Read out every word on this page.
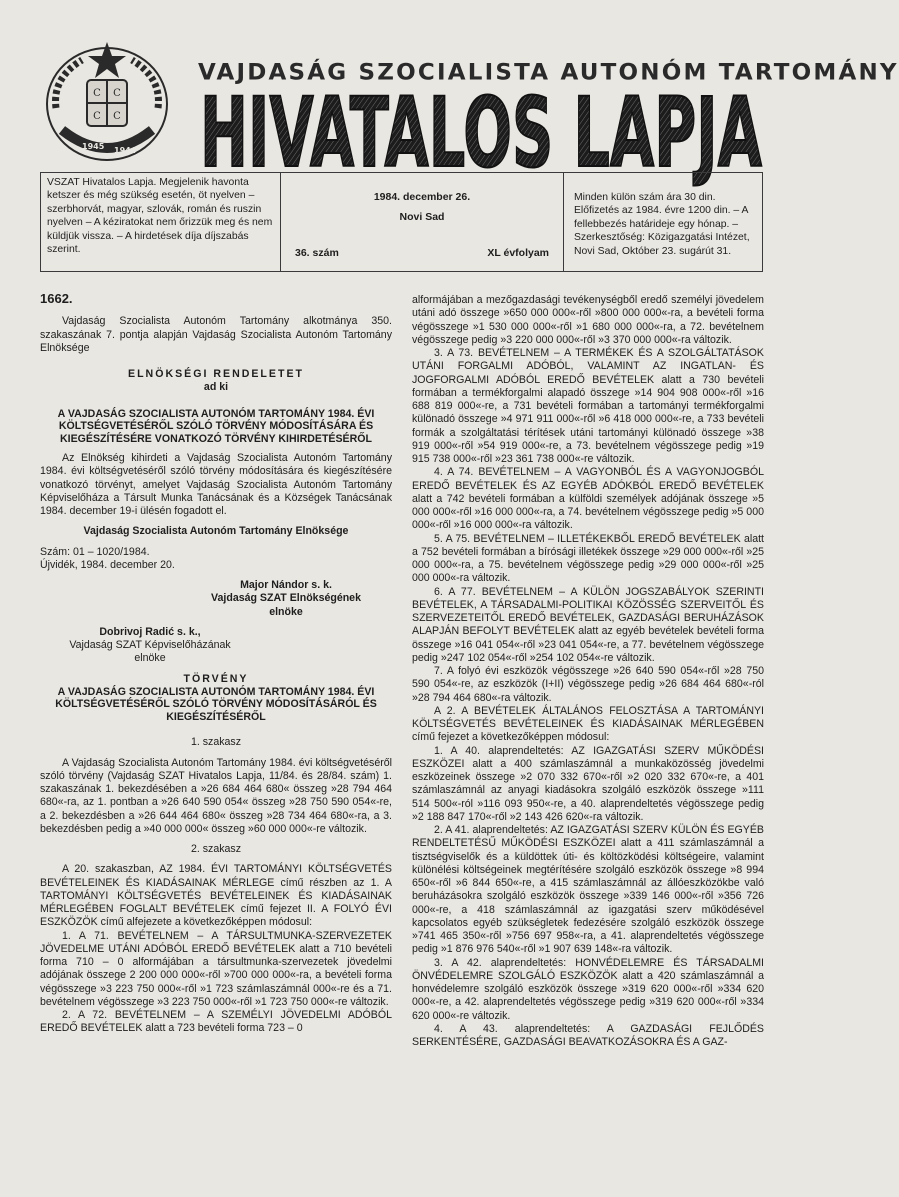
C C
C C
1945 1944
VAJDASÁG SZOCIALISTA AUTONÓM TARTOMÁNY
HIVATALOS LAPJA
VSZAT Hivatalos Lapja. Megjelenik havonta ketszer és még szükség esetén, öt nyelven – szerbhorvát, magyar, szlovák, román és ruszin nyelven – A kéziratokat nem őrizzük meg és nem küldjük vissza. – A hirdetések díja díjszabás szerint.
1984. december 26.
Novi Sad
36. szám	XL évfolyam
Minden külön szám ára 30 din. Előfizetés az 1984. évre 1200 din. – A fellebbezés határideje egy hónap. – Szerkesztőség: Közigazgatási Intézet, Novi Sad, Október 23. sugárút 31.

1662.

Vajdaság Szocialista Autonóm Tartomány alkotmánya 350. szakaszának 7. pontja alapján Vajdaság Szocialista Autonóm Tartomány Elnöksége

ELNÖKSÉGI RENDELETET

ad ki

A VAJDASÁG SZOCIALISTA AUTONÓM TARTOMÁNY 1984. ÉVI KÖLTSÉGVETÉSÉRŐL SZÓLÓ TÖRVÉNY MÓDOSÍTÁSÁRA ÉS KIEGÉSZÍTÉSÉRE VONATKOZÓ TÖRVÉNY KIHIRDETÉSÉRŐL

Az Elnökség kihirdeti a Vajdaság Szocialista Autonóm Tartomány 1984. évi költségvetéséről szóló törvény módosítására és kiegészítésére vonatkozó törvényt, amelyet Vajdaság Szocialista Autonóm Tartomány Képviselőháza a Társult Munka Tanácsának és a Községek Tanácsának 1984. december 19-i ülésén fogadott el.

Vajdaság Szocialista Autonóm Tartomány Elnöksége

Szám: 01 – 1020/1984.

Újvidék, 1984. december 20.

Major Nándor s. k.

Vajdaság SZAT Elnökségének

elnöke

Dobrivoj Radić s. k.,

Vajdaság SZAT Képviselőházának

elnöke

TÖRVÉNY

A VAJDASÁG SZOCIALISTA AUTONÓM TARTOMÁNY 1984. ÉVI KÖLTSÉGVETÉSÉRŐL SZÓLÓ TÖRVÉNY MÓDOSÍTÁSÁRÓL ÉS KIEGÉSZÍTÉSÉRŐL

1. szakasz

A Vajdaság Szocialista Autonóm Tartomány 1984. évi költségvetéséről szóló törvény (Vajdaság SZAT Hivatalos Lapja, 11/84. és 28/84. szám) 1. szakaszának 1. bekezdésében a »26 684 464 680« összeg »28 794 464 680«-ra, az 1. pontban a »26 640 590 054« összeg »28 750 590 054«-re, a 2. bekezdésben a »26 644 464 680« összeg »28 734 464 680«-ra, a 3. bekezdésben pedig a »40 000 000« összeg »60 000 000«-re változik.

2. szakasz

A 20. szakaszban, AZ 1984. ÉVI TARTOMÁNYI KÖLTSÉGVETÉS BEVÉTELEINEK ÉS KIADÁSAINAK MÉRLEGE című részben az 1. A TARTOMÁNYI KÖLTSÉGVETÉS BEVÉTELEINEK ÉS KIADÁSAINAK MÉRLEGÉBEN FOGLALT BEVÉTELEK című fejezet II. A FOLYÓ ÉVI ESZKÖZÖK című alfejezete a következőképpen módosul:

1. A 71. BEVÉTELNEM – A TÁRSULTMUNKA-SZERVEZETEK JÖVEDELME UTÁNI ADÓBÓL EREDŐ BEVÉTELEK alatt a 710 bevételi forma 710 – 0 alformájában a társultmunka-szervezetek jövedelmi adójának összege 2 200 000 000«-ről »700 000 000«-ra, a bevételi forma végösszege »3 223 750 000«-ről »1 723 számlaszámnál 000«-re és a 71. bevételnem végösszege »3 223 750 000«-ről »1 723 750 000«-re változik.

2. A 72. BEVÉTELNEM – A SZEMÉLYI JÖVEDELMI ADÓBÓL EREDŐ BEVÉTELEK alatt a 723 bevételi forma 723 – 0

alformájában a mezőgazdasági tevékenységből eredő személyi jövedelem utáni adó összege »650 000 000«-ről »800 000 000«-ra, a bevételi forma végösszege »1 530 000 000«-ről »1 680 000 000«-ra, a 72. bevételnem végösszege pedig »3 220 000 000«-ről »3 370 000 000«-ra változik.

3. A 73. BEVÉTELNEM – A TERMÉKEK ÉS A SZOLGÁLTATÁSOK UTÁNI FORGALMI ADÓBÓL, VALAMINT AZ INGATLAN- ÉS JOGFORGALMI ADÓBÓL EREDŐ BEVÉTELEK alatt a 730 bevételi formában a termékforgalmi alapadó összege »14 904 908 000«-ről »16 688 819 000«-re, a 731 bevételi formában a tartományi termékforgalmi különadó összege »4 971 911 000«-ről »6 418 000 000«-re, a 733 bevételi formák a szolgáltatási térítések utáni tartományi különadó összege »38 919 000«-ről »54 919 000«-re, a 73. bevételnem végösszege pedig »19 915 738 000«-ről »23 361 738 000«-re változik.

4. A 74. BEVÉTELNEM – A VAGYONBÓL ÉS A VAGYONJOGBÓL EREDŐ BEVÉTELEK ÉS AZ EGYÉB ADÓKBÓL EREDŐ BEVÉTELEK alatt a 742 bevételi formában a külföldi személyek adójának összege »5 000 000«-ről »16 000 000«-ra, a 74. bevételnem végösszege pedig »5 000 000«-ről »16 000 000«-ra változik.

5. A 75. BEVÉTELNEM – ILLETÉKEKBŐL EREDŐ BEVÉTELEK alatt a 752 bevételi formában a bírósági illetékek összege »29 000 000«-ről »25 000 000«-ra, a 75. bevételnem végösszege pedig »29 000 000«-ről »25 000 000«-ra változik.

6. A 77. BEVÉTELNEM – A KÜLÖN JOGSZABÁLYOK SZERINTI BEVÉTELEK, A TÁRSADALMI-POLITIKAI KÖZÖSSÉG SZERVEITŐL ÉS SZERVEZETEITŐL EREDŐ BEVÉTELEK, GAZDASÁGI BERUHÁZÁSOK ALAPJÁN BEFOLYT BEVÉTELEK alatt az egyéb bevételek bevételi forma összege »16 041 054«-ről »23 041 054«-re, a 77. bevételnem végösszege pedig »247 102 054«-ről »254 102 054«-re változik.

7. A folyó évi eszközök végösszege »26 640 590 054«-ről »28 750 590 054«-re, az eszközök (I+II) végösszege pedig »26 684 464 680«-ról »28 794 464 680«-ra változik.

A 2. A BEVÉTELEK ÁLTALÁNOS FELOSZTÁSA A TARTOMÁNYI KÖLTSÉGVETÉS BEVÉTELEINEK ÉS KIADÁSAINAK MÉRLEGÉBEN című fejezet a következőképpen módosul:

1. A 40. alaprendeltetés: AZ IGAZGATÁSI SZERV MŰKÖDÉSI ESZKÖZEI alatt a 400 számlaszámnál a munkaközösség jövedelmi eszközeinek összege »2 070 332 670«-ről »2 020 332 670«-re, a 401 számlaszámnál az anyagi kiadásokra szolgáló eszközök összege »111 514 500«-ról »116 093 950«-re, a 40. alaprendeltetés végösszege pedig »2 188 847 170«-ről »2 143 426 620«-ra változik.

2. A 41. alaprendeltetés: AZ IGAZGATÁSI SZERV KÜLÖN ÉS EGYÉB RENDELTETÉSŰ MŰKÖDÉSI ESZKÖZEI alatt a 411 számlaszámnál a tisztségviselők és a küldöttek úti- és költözködési költségeire, valamint különélési költségeinek megtérítésére szolgáló eszközök összege »8 994 650«-ről »6 844 650«-re, a 415 számlaszámnál az állóeszközökbe való beruházásokra szolgáló eszközök összege »339 146 000«-ről »356 726 000«-re, a 418 számlaszámnál az igazgatási szerv működésével kapcsolatos egyéb szükségletek fedezésére szolgáló eszközök összege »741 465 350«-ről »756 697 958«-ra, a 41. alaprendeltetés végösszege pedig »1 876 976 540«-ről »1 907 639 148«-ra változik.

3. A 42. alaprendeltetés: HONVÉDELEMRE ÉS TÁRSADALMI ÖNVÉDELEMRE SZOLGÁLÓ ESZKÖZÖK alatt a 420 számlaszámnál a honvédelemre szolgáló eszközök összege »319 620 000«-ről »334 620 000«-re, a 42. alaprendeltetés végösszege pedig »319 620 000«-ről »334 620 000«-re változik.

4. A 43. alaprendeltetés: A GAZDASÁGI FEJLŐDÉS SERKENTÉSÉRE, GAZDASÁGI BEAVATKOZÁSOKRA ÉS A GAZ-
